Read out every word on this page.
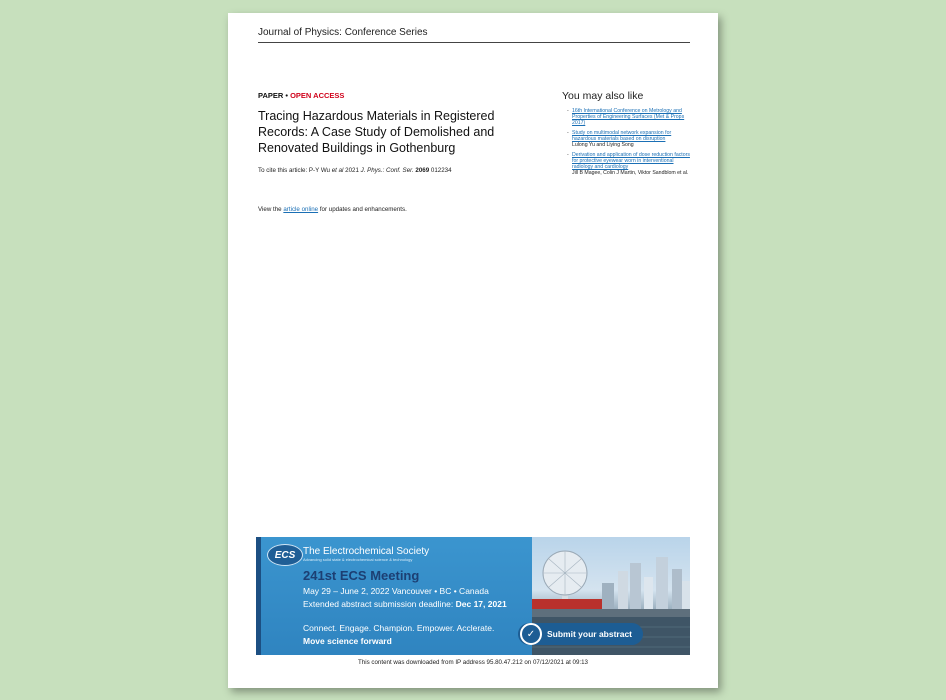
Journal of Physics: Conference Series
PAPER • OPEN ACCESS
Tracing Hazardous Materials in Registered Records: A Case Study of Demolished and Renovated Buildings in Gothenburg
To cite this article: P-Y Wu et al 2021 J. Phys.: Conf. Ser. 2069 012234
View the article online for updates and enhancements.
You may also like
- 16th International Conference on Metrology and Properties of Engineering Surfaces (Met & Props 2017)
- Study on multimodal network expansion for hazardous materials based on disruption
Lulong Yu and Liying Song
- Derivation and application of dose reduction factors for protective eyewear worn in interventional radiology and cardiology
Jill B Magee, Colin J Martin, Viktor Sandblom et al.
ECS The Electrochemical Society
Advancing solid state & electrochemical science & technology
241st ECS Meeting
May 29 – June 2, 2022 Vancouver • BC • Canada
Extended abstract submission deadline: Dec 17, 2021
Connect. Engage. Champion. Empower. Acclerate.
Move science forward
✓	Submit your abstract
This content was downloaded from IP address 95.80.47.212 on 07/12/2021 at 09:13
